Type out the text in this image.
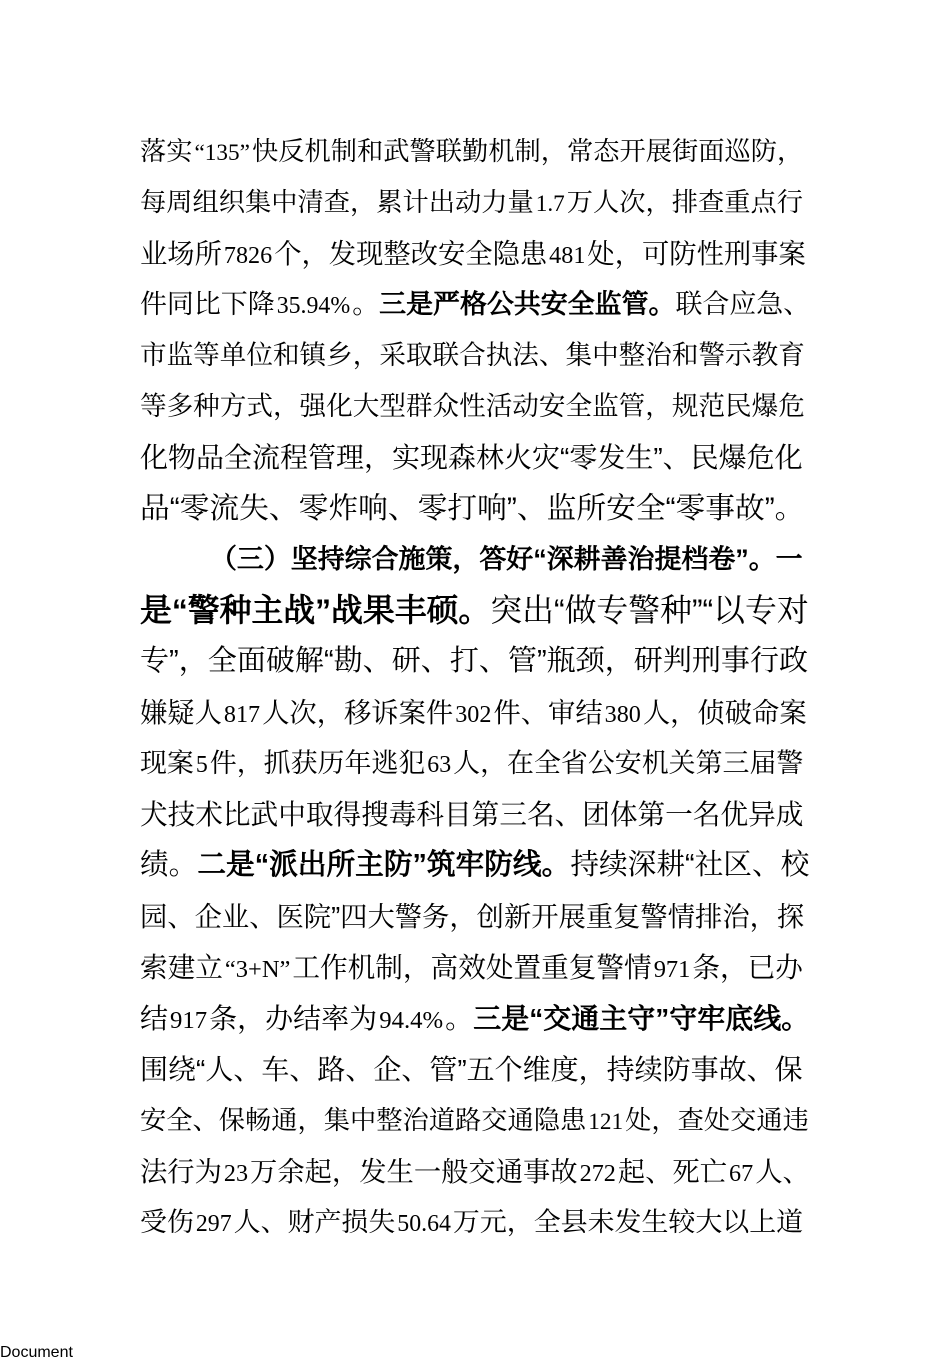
落实“135”快反机制和武警联勤机制，常态开展街面巡防，
每周组织集中清查，累计出动力量1.7万人次，排查重点行
业场所7826个，发现整改安全隐患481处，可防性刑事案
件同比下降35.94%。三是严格公共安全监管。联合应急、
市监等单位和镇乡，采取联合执法、集中整治和警示教育
等多种方式，强化大型群众性活动安全监管，规范民爆危
化物品全流程管理，实现森林火灾“零发生”、民爆危化
品“零流失、零炸响、零打响”、监所安全“零事故”。
（三）坚持综合施策，答好“深耕善治提档卷”。一
是“警种主战”战果丰硕。突出“做专警种”“以专对
专”，全面破解“勘、研、打、管”瓶颈，研判刑事行政
嫌疑人817人次，移诉案件302件、审结380人，侦破命案
现案5件，抓获历年逃犯63人，在全省公安机关第三届警
犬技术比武中取得搜毒科目第三名、团体第一名优异成
绩。二是“派出所主防”筑牢防线。持续深耕“社区、校
园、企业、医院”四大警务，创新开展重复警情排治，探
索建立“3+N”工作机制，高效处置重复警情971条，已办
结917条，办结率为94.4%。三是“交通主守”守牢底线。
围绕“人、车、路、企、管”五个维度，持续防事故、保
安全、保畅通，集中整治道路交通隐患121处，查处交通违
法行为23万余起，发生一般交通事故272起、死亡67人、
受伤297人、财产损失50.64万元，全县未发生较大以上道
Document
